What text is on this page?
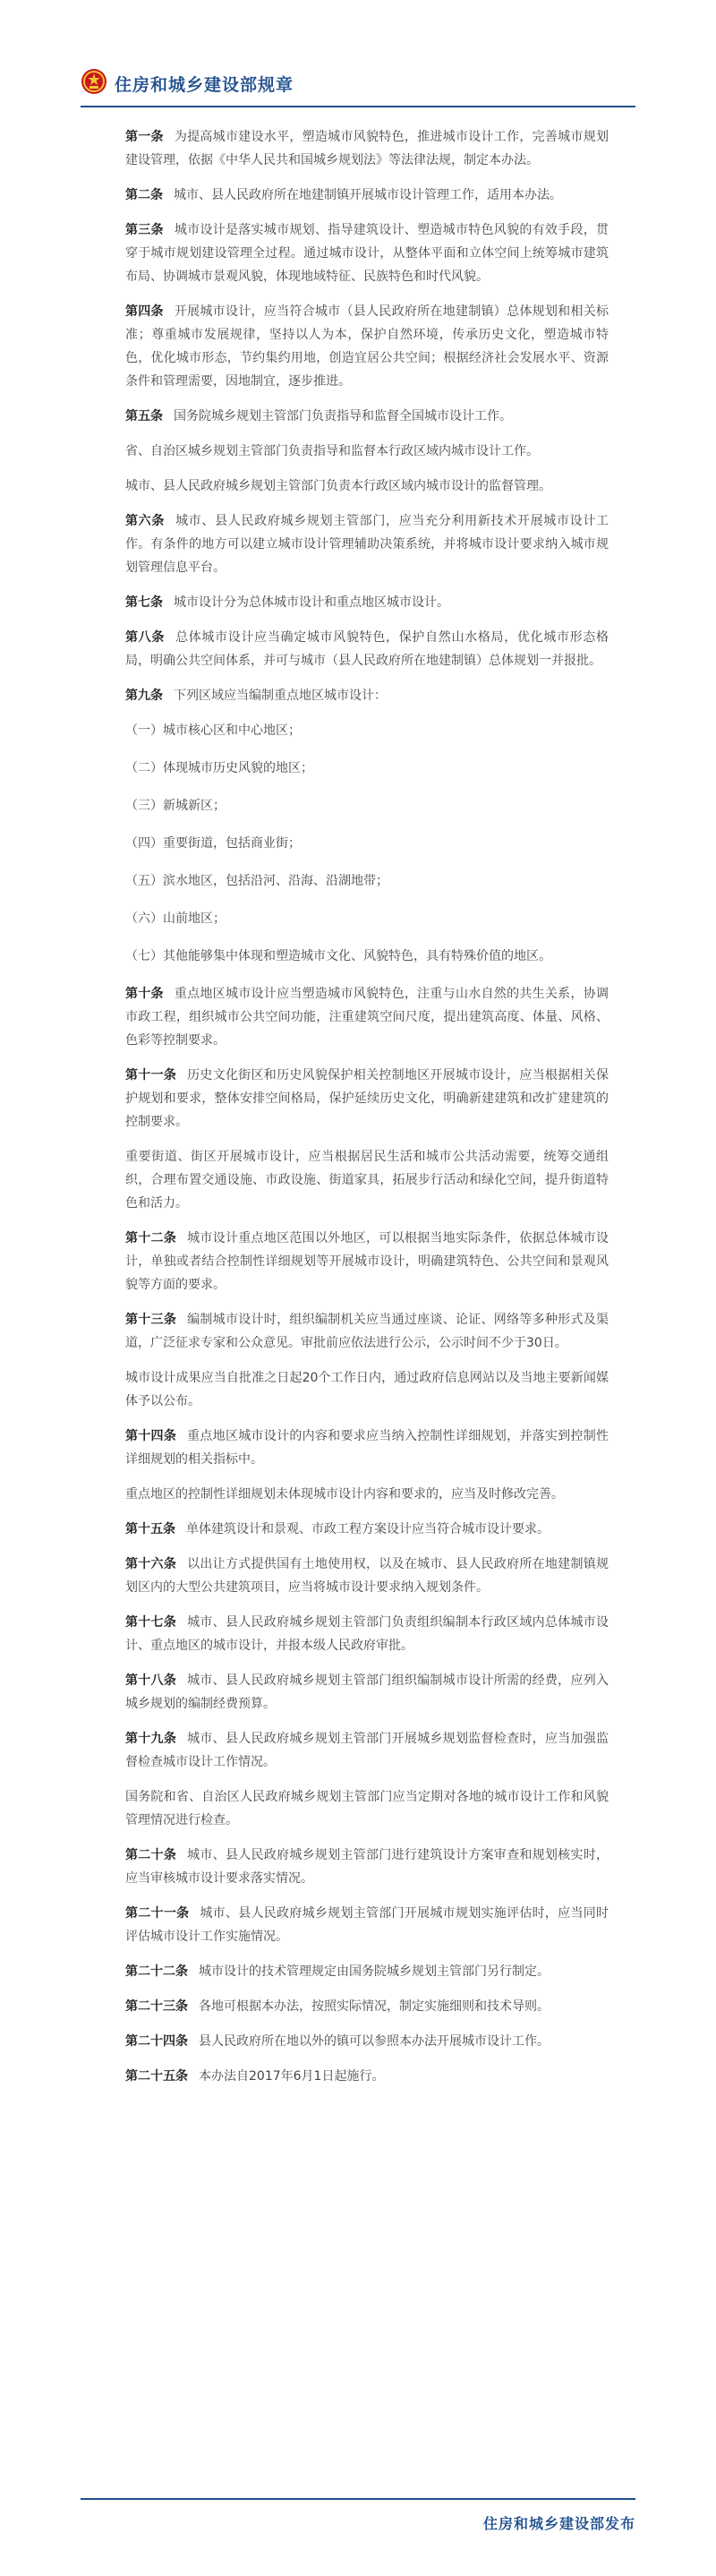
住房和城乡建设部规章

第一条 为提高城市建设水平，塑造城市风貌特色，推进城市设计工作，完善城市规划建设管理，依据《中华人民共和国城乡规划法》等法律法规，制定本办法。

第二条 城市、县人民政府所在地建制镇开展城市设计管理工作，适用本办法。

第三条 城市设计是落实城市规划、指导建筑设计、塑造城市特色风貌的有效手段，贯穿于城市规划建设管理全过程。通过城市设计，从整体平面和立体空间上统筹城市建筑布局、协调城市景观风貌，体现地域特征、民族特色和时代风貌。

第四条 开展城市设计，应当符合城市（县人民政府所在地建制镇）总体规划和相关标准；尊重城市发展规律，坚持以人为本，保护自然环境，传承历史文化，塑造城市特色，优化城市形态，节约集约用地，创造宜居公共空间；根据经济社会发展水平、资源条件和管理需要，因地制宜，逐步推进。

第五条 国务院城乡规划主管部门负责指导和监督全国城市设计工作。

省、自治区城乡规划主管部门负责指导和监督本行政区域内城市设计工作。

城市、县人民政府城乡规划主管部门负责本行政区域内城市设计的监督管理。

第六条 城市、县人民政府城乡规划主管部门，应当充分利用新技术开展城市设计工作。有条件的地方可以建立城市设计管理辅助决策系统，并将城市设计要求纳入城市规划管理信息平台。

第七条 城市设计分为总体城市设计和重点地区城市设计。

第八条 总体城市设计应当确定城市风貌特色，保护自然山水格局，优化城市形态格局，明确公共空间体系，并可与城市（县人民政府所在地建制镇）总体规划一并报批。

第九条 下列区域应当编制重点地区城市设计：

（一）城市核心区和中心地区；

（二）体现城市历史风貌的地区；

（三）新城新区；

（四）重要街道，包括商业街；

（五）滨水地区，包括沿河、沿海、沿湖地带；

（六）山前地区；

（七）其他能够集中体现和塑造城市文化、风貌特色，具有特殊价值的地区。

第十条 重点地区城市设计应当塑造城市风貌特色，注重与山水自然的共生关系，协调市政工程，组织城市公共空间功能，注重建筑空间尺度，提出建筑高度、体量、风格、色彩等控制要求。

第十一条 历史文化街区和历史风貌保护相关控制地区开展城市设计，应当根据相关保护规划和要求，整体安排空间格局，保护延续历史文化，明确新建建筑和改扩建建筑的控制要求。

重要街道、街区开展城市设计，应当根据居民生活和城市公共活动需要，统筹交通组织，合理布置交通设施、市政设施、街道家具，拓展步行活动和绿化空间，提升街道特色和活力。

第十二条 城市设计重点地区范围以外地区，可以根据当地实际条件，依据总体城市设计，单独或者结合控制性详细规划等开展城市设计，明确建筑特色、公共空间和景观风貌等方面的要求。

第十三条 编制城市设计时，组织编制机关应当通过座谈、论证、网络等多种形式及渠道，广泛征求专家和公众意见。审批前应依法进行公示，公示时间不少于30日。

城市设计成果应当自批准之日起20个工作日内，通过政府信息网站以及当地主要新闻媒体予以公布。

第十四条 重点地区城市设计的内容和要求应当纳入控制性详细规划，并落实到控制性详细规划的相关指标中。

重点地区的控制性详细规划未体现城市设计内容和要求的，应当及时修改完善。

第十五条 单体建筑设计和景观、市政工程方案设计应当符合城市设计要求。

第十六条 以出让方式提供国有土地使用权，以及在城市、县人民政府所在地建制镇规划区内的大型公共建筑项目，应当将城市设计要求纳入规划条件。

第十七条 城市、县人民政府城乡规划主管部门负责组织编制本行政区域内总体城市设计、重点地区的城市设计，并报本级人民政府审批。

第十八条 城市、县人民政府城乡规划主管部门组织编制城市设计所需的经费，应列入城乡规划的编制经费预算。

第十九条 城市、县人民政府城乡规划主管部门开展城乡规划监督检查时，应当加强监督检查城市设计工作情况。

国务院和省、自治区人民政府城乡规划主管部门应当定期对各地的城市设计工作和风貌管理情况进行检查。

第二十条 城市、县人民政府城乡规划主管部门进行建筑设计方案审查和规划核实时，应当审核城市设计要求落实情况。

第二十一条 城市、县人民政府城乡规划主管部门开展城市规划实施评估时，应当同时评估城市设计工作实施情况。

第二十二条 城市设计的技术管理规定由国务院城乡规划主管部门另行制定。

第二十三条 各地可根据本办法，按照实际情况，制定实施细则和技术导则。

第二十四条 县人民政府所在地以外的镇可以参照本办法开展城市设计工作。

第二十五条 本办法自2017年6月1日起施行。

住房和城乡建设部发布
